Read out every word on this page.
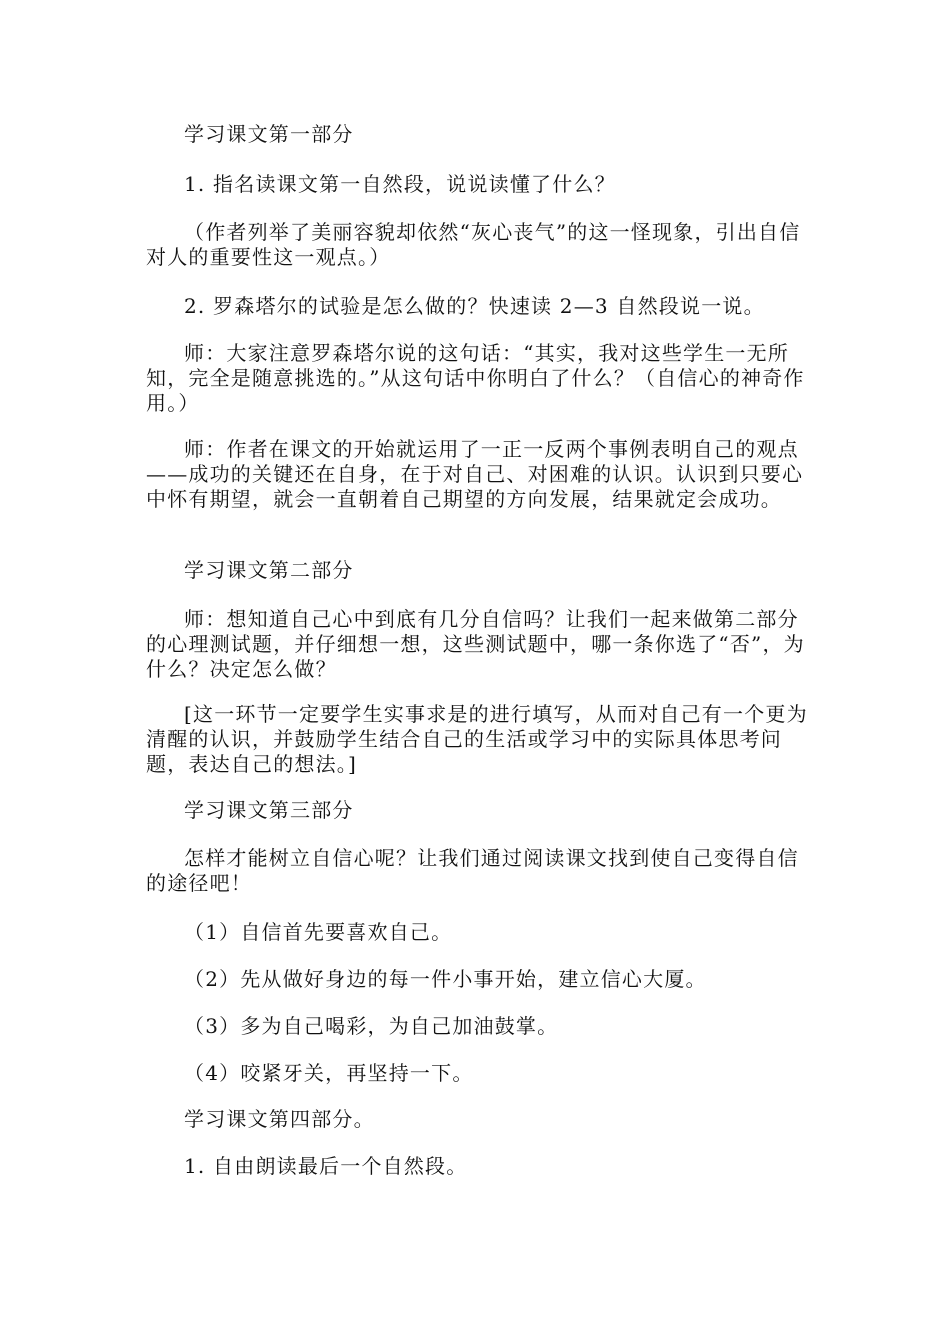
学习课文第一部分

1. 指名读课文第一自然段，说说读懂了什么？

（作者列举了美丽容貌却依然“灰心丧气”的这一怪现象，引出自信对人的重要性这一观点。）

2. 罗森塔尔的试验是怎么做的？快速读 2—3 自然段说一说。

师：大家注意罗森塔尔说的这句话：“其实，我对这些学生一无所知，完全是随意挑选的。”从这句话中你明白了什么？（自信心的神奇作用。）

师：作者在课文的开始就运用了一正一反两个事例表明自己的观点——成功的关键还在自身，在于对自己、对困难的认识。认识到只要心中怀有期望，就会一直朝着自己期望的方向发展，结果就定会成功。

学习课文第二部分

师：想知道自己心中到底有几分自信吗？让我们一起来做第二部分的心理测试题，并仔细想一想，这些测试题中，哪一条你选了“否”，为什么？决定怎么做？

[这一环节一定要学生实事求是的进行填写，从而对自己有一个更为清醒的认识，并鼓励学生结合自己的生活或学习中的实际具体思考问题，表达自己的想法。]

学习课文第三部分

怎样才能树立自信心呢？让我们通过阅读课文找到使自己变得自信的途径吧！

（1）自信首先要喜欢自己。

（2）先从做好身边的每一件小事开始，建立信心大厦。

（3）多为自己喝彩，为自己加油鼓掌。

（4）咬紧牙关，再坚持一下。

学习课文第四部分。

1. 自由朗读最后一个自然段。
